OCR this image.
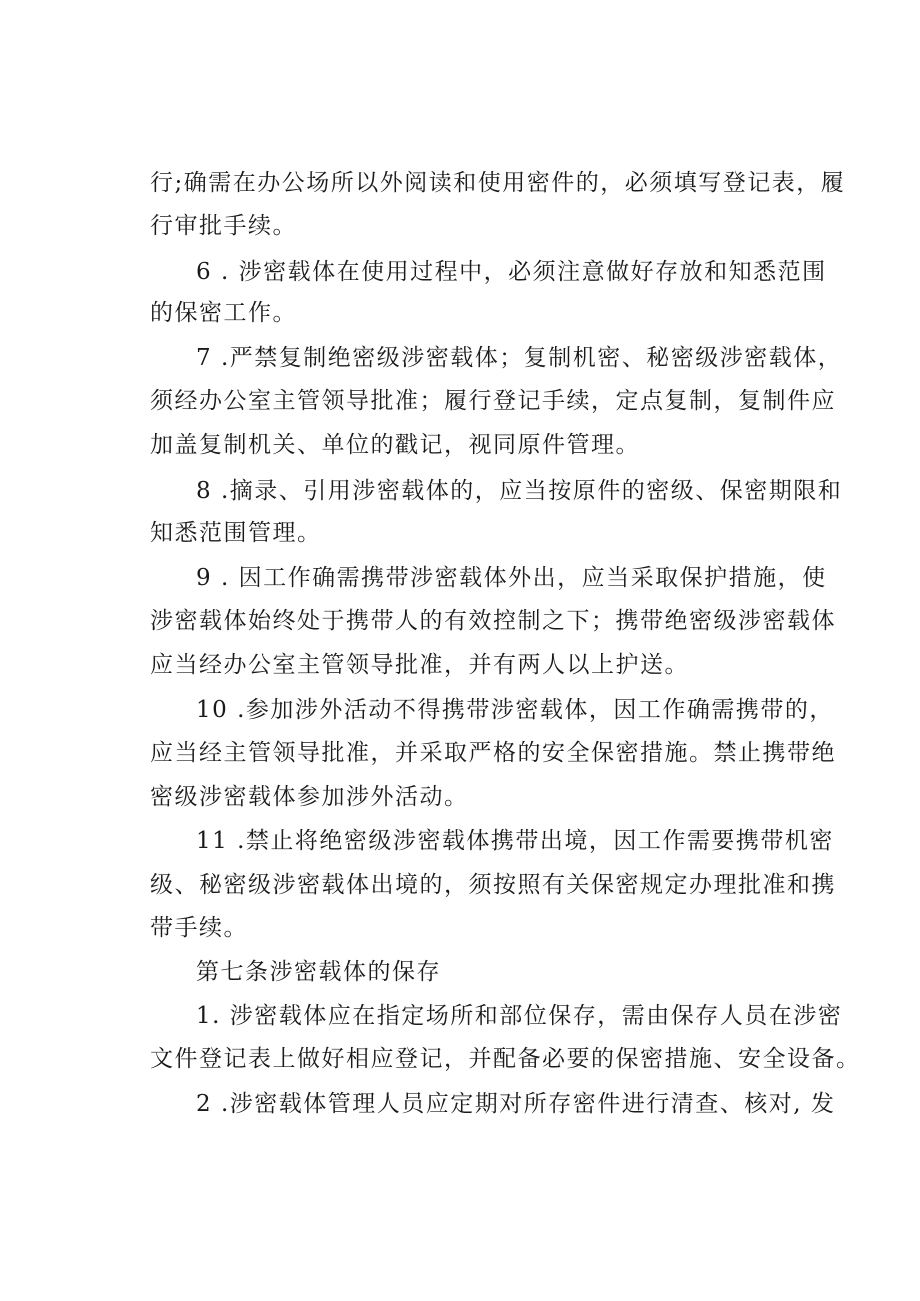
行;确需在办公场所以外阅读和使用密件的，必须填写登记表，履
行审批手续。
6 . 涉密载体在使用过程中，必须注意做好存放和知悉范围
的保密工作。
7 .严禁复制绝密级涉密载体；复制机密、秘密级涉密载体，
须经办公室主管领导批准；履行登记手续，定点复制，复制件应
加盖复制机关、单位的戳记，视同原件管理。
8 .摘录、引用涉密载体的，应当按原件的密级、保密期限和
知悉范围管理。
9 . 因工作确需携带涉密载体外出，应当采取保护措施，使
涉密载体始终处于携带人的有效控制之下；携带绝密级涉密载体
应当经办公室主管领导批准，并有两人以上护送。
10 .参加涉外活动不得携带涉密载体，因工作确需携带的，
应当经主管领导批准，并采取严格的安全保密措施。禁止携带绝
密级涉密载体参加涉外活动。
11 .禁止将绝密级涉密载体携带出境，因工作需要携带机密
级、秘密级涉密载体出境的，须按照有关保密规定办理批准和携
带手续。
第七条涉密载体的保存
1. 涉密载体应在指定场所和部位保存，需由保存人员在涉密
文件登记表上做好相应登记，并配备必要的保密措施、安全设备。
2 .涉密载体管理人员应定期对所存密件进行清查、核对, 发
